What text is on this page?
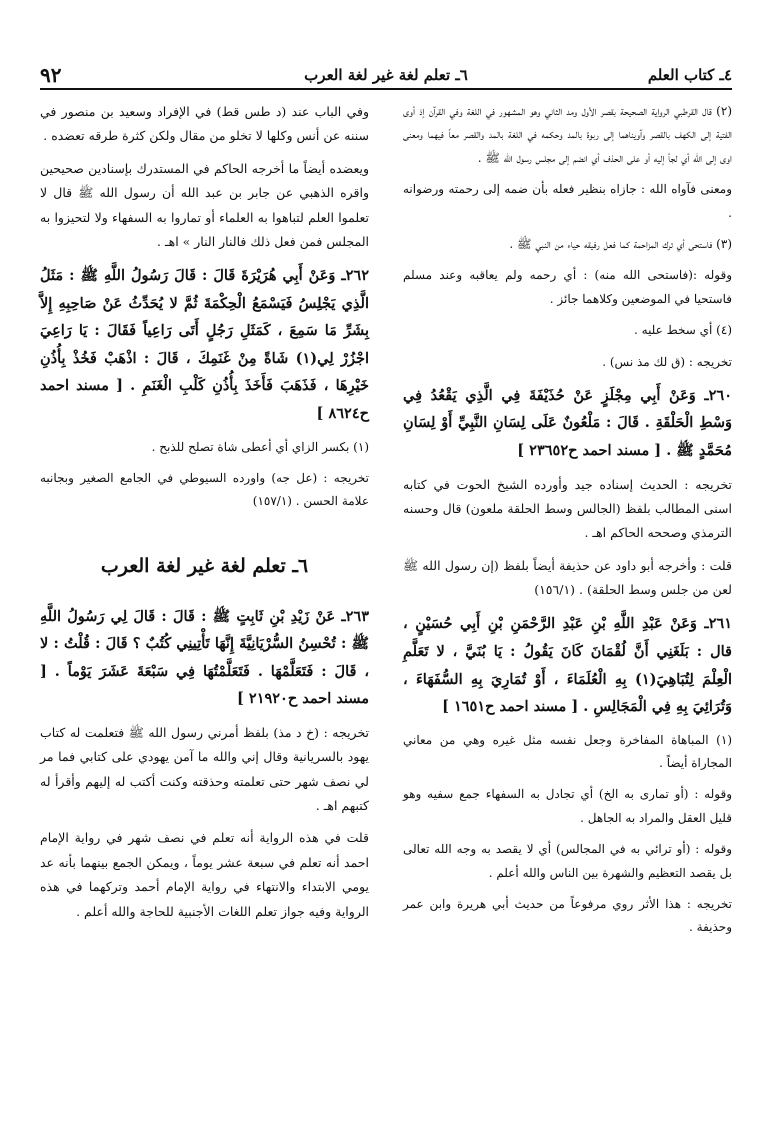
٤ـ كتاب العلم
٦ـ تعلم لغة غير لغة العرب
٩٢

(٢) قال القرطبي الرواية الصحيحة بقصر الأول ومد الثاني وهو المشهور في اللغة وفي القرآن إذ أوى الفتية إلى الكهف بالقصر وآويناهما إلى ربوة بالمد وحكمه في اللغة بالمد والقصر معاً فيهما ومعنى اوى إلى الله أي لجأ إليه أو على الحذف أي انضم إلى مجلس رسول الله ﷺ .

ومعنى فآواه الله : جازاه بنظير فعله بأن ضمه إلى رحمته ورضوانه .

(٣) فاستحى أي ترك المزاحمة كما فعل رفيقه حياء من النبي ﷺ .

وقوله :(فاستحى الله منه) : أي رحمه ولم يعاقبه وعند مسلم فاستحيا في الموضعين وكلاهما جائز .

(٤) أي سخط عليه .

تخريجه : (ق لك مذ نس) .

٢٦٠ـ وَعَنْ أَبِي مِجْلَزٍ عَنْ حُذَيْفَةَ فِي الَّذِي يَقْعُدُ فِي وَسْطِ الْحَلْقَةِ . قَالَ : مَلْعُونٌ عَلَى لِسَانِ النَّبِيِّ أَوْ لِسَانِ مُحَمَّدٍ ﷺ . [ مسند احمد ح٢٣٦٥٢ ]

تخريجه : الحديث إسناده جيد وأورده الشيخ الحوت في كتابه اسنى المطالب بلفظ (الجالس وسط الحلقة ملعون) قال وحسنه الترمذي وصححه الحاكم اهـ .

قلت : وأخرجه أبو داود عن حذيفة أيضاً بلفظ (إن رسول الله ﷺ لعن من جلس وسط الحلقة) . (١٥٦/١)

٢٦١ـ وَعَنْ عَبْدِ اللَّهِ بْنِ عَبْدِ الرَّحْمَنِ بْنِ أَبِي حُسَيْنٍ ، قال : بَلَغَنِي أَنَّ لُقْمَانَ كَانَ يَقُولُ : يَا بُنَيَّ ، لا تَعَلَّمِ الْعِلْمَ لِتُبَاهِيَ(١) بِهِ الْعُلَمَاءَ ، أَوْ تُمَارِيَ بِهِ السُّفَهَاءَ ، وَتُرَائِيَ بِهِ فِي الْمَجَالِسِ . [ مسند احمد ح١٦٥١ ]

(١) المباهاة المفاخرة وجعل نفسه مثل غيره وهي من معاني المجاراة أيضاً .

وقوله : (أو تمارى به الخ) أي تجادل به السفهاء جمع سفيه وهو قليل العقل والمراد به الجاهل .

وقوله : (أو ترائي به في المجالس) أي لا يقصد به وجه الله تعالى بل يقصد التعظيم والشهرة بين الناس والله أعلم .

تخريجه : هذا الأثر روي مرفوعاً من حديث أبي هريرة وابن عمر وحذيفة .

وفي الباب عند (د طس قط) في الإفراد وسعيد بن منصور في سننه عن أنس وكلها لا تخلو من مقال ولكن كثرة طرقه تعضده .

ويعضده أيضاً ما أخرجه الحاكم في المستدرك بإسنادين صحيحين واقره الذهبي عن جابر بن عبد الله أن رسول الله ﷺ قال لا تعلموا العلم لتباهوا به العلماء أو تماروا به السفهاء ولا لتحيزوا به المجلس فمن فعل ذلك فالنار النار » اهـ .

٢٦٢ـ وَعَنْ أَبِي هُرَيْرَةَ قَالَ : قَالَ رَسُولُ اللَّهِ ﷺ : مَثَلُ الَّذِي يَجْلِسُ فَيَسْمَعُ الْحِكْمَةَ ثُمَّ لا يُحَدِّثُ عَنْ صَاحِبِهِ إِلاَّ بِشَرِّ مَا سَمِعَ ، كَمَثَلِ رَجُلٍ أَتَى رَاعِياً فَقَالَ : يَا رَاعِيَ اجْزُرْ لِي(١) شَاةً مِنْ غَنَمِكَ ، قَالَ : اذْهَبْ فَخُذْ بِأُذُنِ خَيْرِهَا ، فَذَهَبَ فَأَخَذَ بِأُذُنِ كَلْبِ الْغَنَمِ . [ مسند احمد ح٨٦٢٤ ]

(١) بكسر الزاي أي أعطى شاة تصلح للذبح .

تخريجه : (عل جه) واورده السيوطي في الجامع الصغير وبجانبه علامة الحسن . (١٥٧/١)

٦ـ تعلم لغة غير لغة العرب

٢٦٣ـ عَنْ زَيْدِ بْنِ ثَابِتٍ ﷺ : قَالَ : قَالَ لِي رَسُولُ اللَّهِ ﷺ : تُحْسِنُ السُّرْيَانِيَّةَ إِنَّهَا تَأْتِينِي كُتُبٌ ؟ قَالَ : قُلْتُ : لا ، قَالَ : فَتَعَلَّمْهَا . فَتَعَلَّمْتُهَا فِي سَبْعَةَ عَشَرَ يَوْماً . [ مسند احمد ح٢١٩٢٠ ]

تخريجه : (خ د مذ) بلفظ أمرني رسول الله ﷺ فتعلمت له كتاب يهود بالسريانية وقال إني والله ما آمن يهودي على كتابي فما مر لي نصف شهر حتى تعلمته وحذقته وكنت أكتب له إليهم وأقرأ له كتبهم اهـ .

قلت في هذه الرواية أنه تعلم في نصف شهر في رواية الإمام احمد أنه تعلم في سبعة عشر يوماً ، ويمكن الجمع بينهما بأنه عد يومي الابتداء والانتهاء في رواية الإمام أحمد وتركهما في هذه الرواية وفيه جواز تعلم اللغات الأجنبية للحاجة والله أعلم .
